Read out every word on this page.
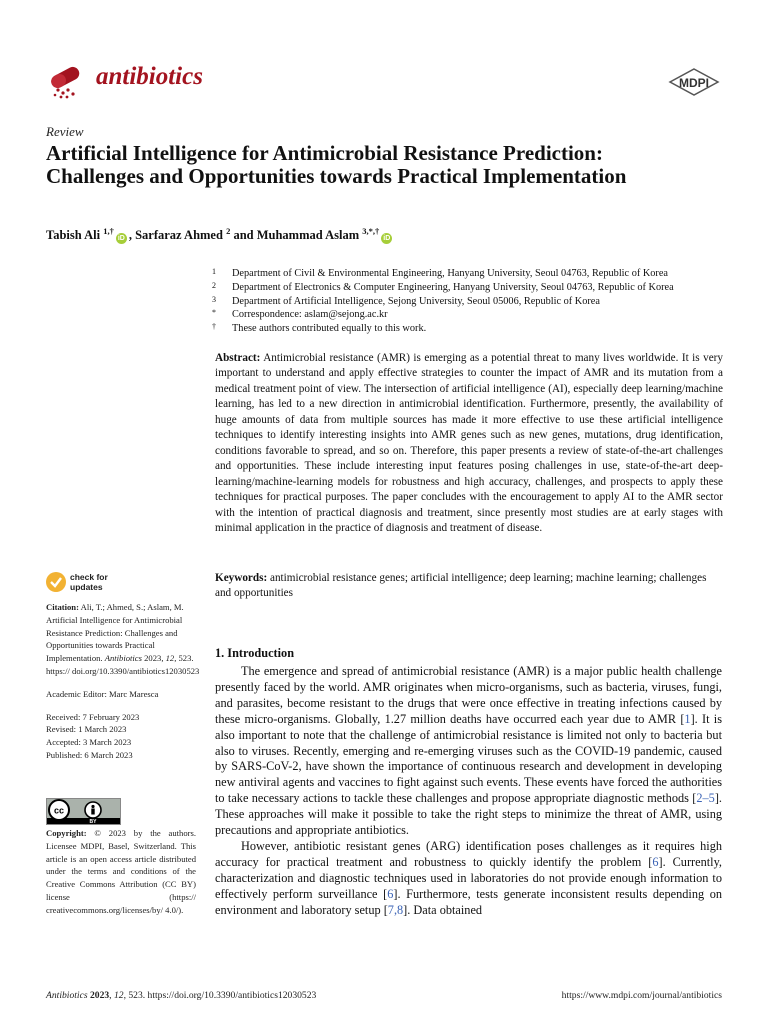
antibiotics	MDPI
Review
Artificial Intelligence for Antimicrobial Resistance Prediction: Challenges and Opportunities towards Practical Implementation
Tabish Ali $^{1,\dagger}$iD , Sarfaraz Ahmed $^2$ and Muhammad Aslam $^{3,*,\dagger}$iD
1 Department of Civil & Environmental Engineering, Hanyang University, Seoul 04763, Republic of Korea
2 Department of Electronics & Computer Engineering, Hanyang University, Seoul 04763, Republic of Korea
3 Department of Artificial Intelligence, Sejong University, Seoul 05006, Republic of Korea
* Correspondence: aslam@sejong.ac.kr
† These authors contributed equally to this work.
Abstract: Antimicrobial resistance (AMR) is emerging as a potential threat to many lives worldwide. It is very important to understand and apply effective strategies to counter the impact of AMR and its mutation from a medical treatment point of view. The intersection of artificial intelligence (AI), especially deep learning/machine learning, has led to a new direction in antimicrobial identification. Furthermore, presently, the availability of huge amounts of data from multiple sources has made it more effective to use these artificial intelligence techniques to identify interesting insights into AMR genes such as new genes, mutations, drug identification, conditions favorable to spread, and so on. Therefore, this paper presents a review of state-of-the-art challenges and opportunities. These include interesting input features posing challenges in use, state-of-the-art deep-learning/machine-learning models for robustness and high accuracy, challenges, and prospects to apply these techniques for practical purposes. The paper concludes with the encouragement to apply AI to the AMR sector with the intention of practical diagnosis and treatment, since presently most studies are at early stages with minimal application in the practice of diagnosis and treatment of disease.
Keywords: antimicrobial resistance genes; artificial intelligence; deep learning; machine learning; challenges and opportunities
check for
updates
Citation: Ali, T.; Ahmed, S.; Aslam, M. Artificial Intelligence for Antimicrobial Resistance Prediction: Challenges and Opportunities towards Practical Implementation. Antibiotics 2023, 12, 523. https:// doi.org/10.3390/antibiotics12030523
Academic Editor: Marc Maresca
Received: 7 February 2023
Revised: 1 March 2023
Accepted: 3 March 2023
Published: 6 March 2023
cc
BY
Copyright: © 2023 by the authors. Licensee MDPI, Basel, Switzerland. This article is an open access article distributed under the terms and conditions of the Creative Commons Attribution (CC BY) license (https:// creativecommons.org/licenses/by/ 4.0/).
1. Introduction

The emergence and spread of antimicrobial resistance (AMR) is a major public health challenge presently faced by the world. AMR originates when micro-organisms, such as bacteria, viruses, fungi, and parasites, become resistant to the drugs that were once effective in treating infections caused by these micro-organisms. Globally, 1.27 million deaths have occurred each year due to AMR [1]. It is also important to note that the challenge of antimicrobial resistance is limited not only to bacteria but also to viruses. Recently, emerging and re-emerging viruses such as the COVID-19 pandemic, caused by SARS-CoV-2, have shown the importance of continuous research and development in developing new antiviral agents and vaccines to fight against such events. These events have forced the authorities to take necessary actions to tackle these challenges and propose appropriate diagnostic methods [2–5]. These approaches will make it possible to take the right steps to minimize the threat of AMR, using precautions and appropriate antibiotics.

However, antibiotic resistant genes (ARG) identification poses challenges as it requires high accuracy for practical treatment and robustness to quickly identify the problem [6]. Currently, characterization and diagnostic techniques used in laboratories do not provide enough information to effectively perform surveillance [6]. Furthermore, tests generate inconsistent results depending on environment and laboratory setup [7,8]. Data obtained

Antibiotics 2023, 12, 523. https://doi.org/10.3390/antibiotics12030523	https://www.mdpi.com/journal/antibiotics
